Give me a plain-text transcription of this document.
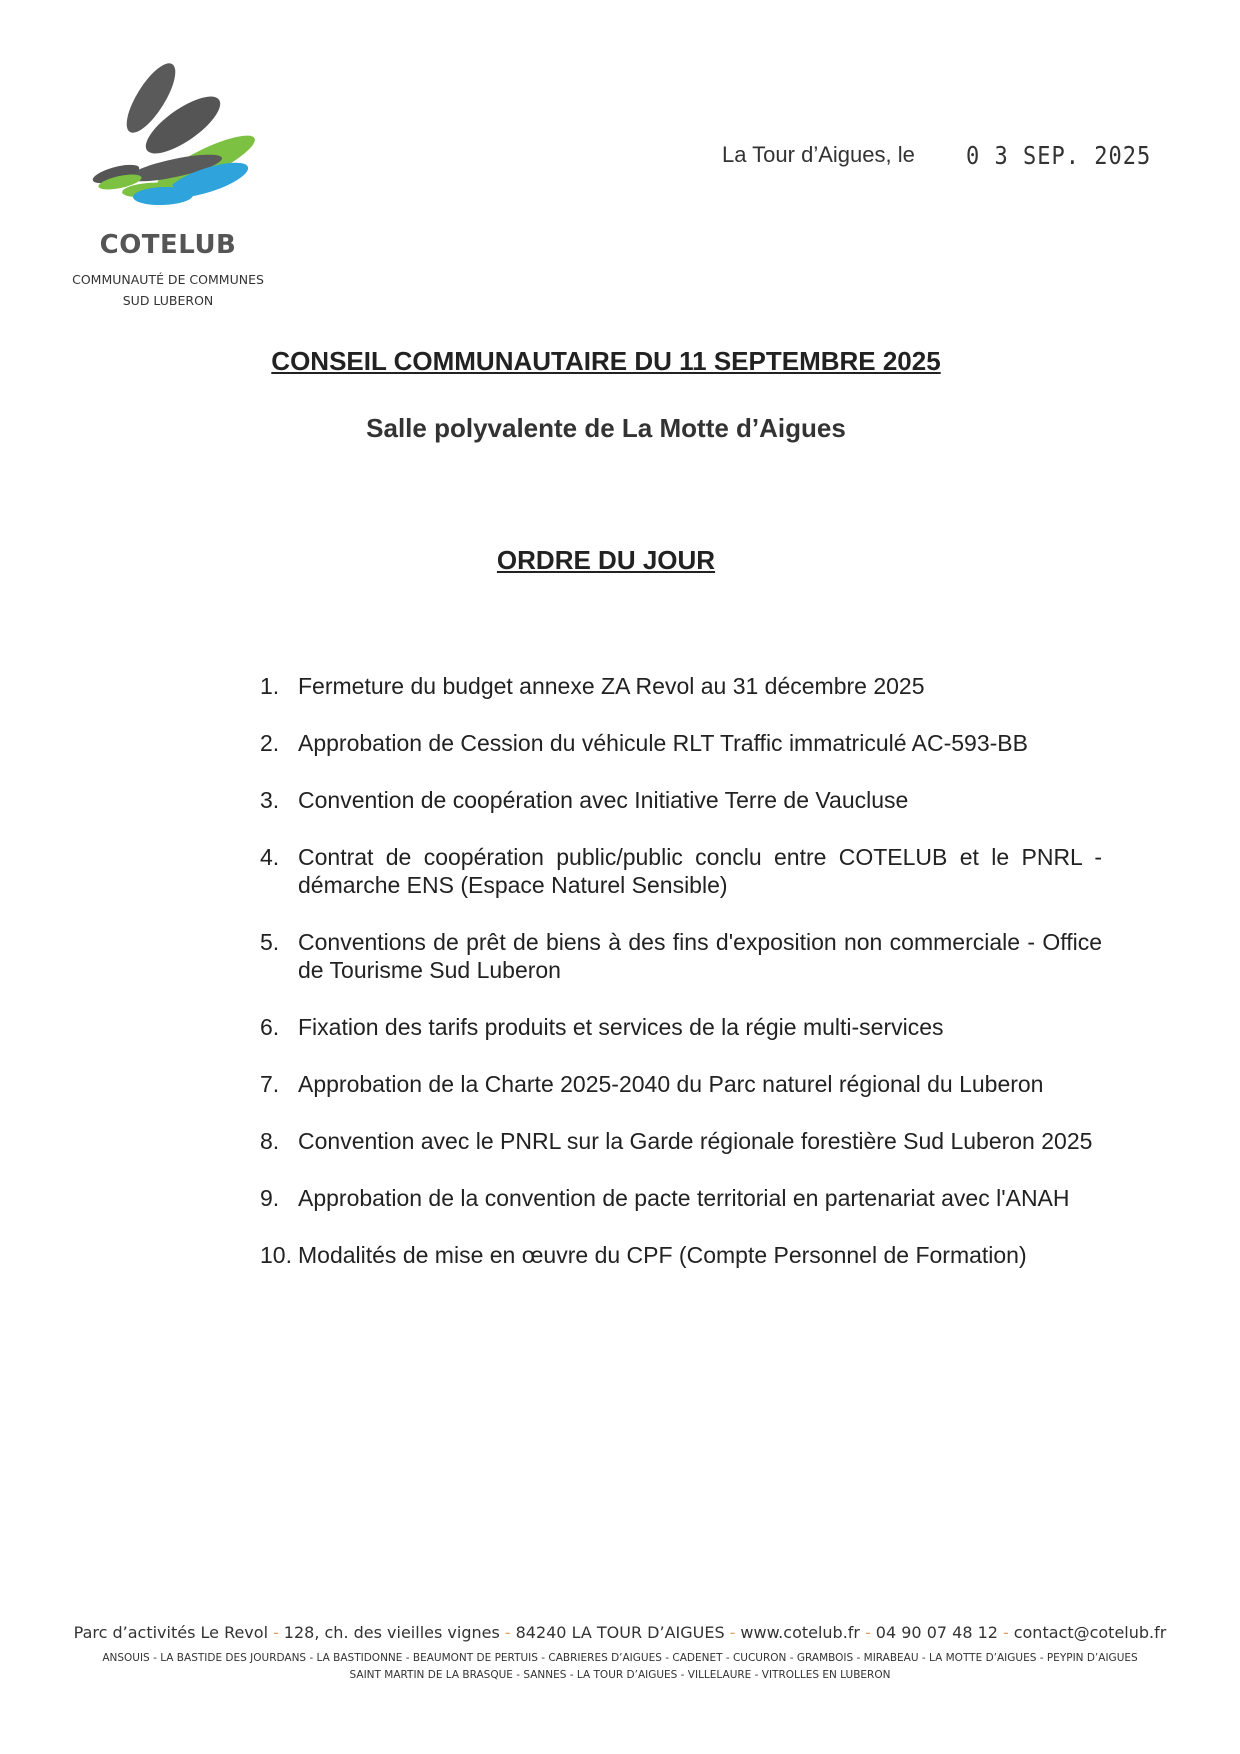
COTELUB
COMMUNAUTÉ DE COMMUNES
SUD LUBERON
La Tour d’Aigues, le 0 3 SEP. 2025
CONSEIL COMMUNAUTAIRE DU 11 SEPTEMBRE 2025
Salle polyvalente de La Motte d’Aigues
ORDRE DU JOUR
1. Fermeture du budget annexe ZA Revol au 31 décembre 2025
2. Approbation de Cession du véhicule RLT Traffic immatriculé AC-593-BB
3. Convention de coopération avec Initiative Terre de Vaucluse
4. Contrat de coopération public/public conclu entre COTELUB et le PNRL - démarche ENS (Espace Naturel Sensible)
5. Conventions de prêt de biens à des fins d'exposition non commerciale - Office de Tourisme Sud Luberon
6. Fixation des tarifs produits et services de la régie multi-services
7. Approbation de la Charte 2025-2040 du Parc naturel régional du Luberon
8. Convention avec le PNRL sur la Garde régionale forestière Sud Luberon 2025
9. Approbation de la convention de pacte territorial en partenariat avec l'ANAH
10. Modalités de mise en œuvre du CPF (Compte Personnel de Formation)
Parc d’activités Le Revol - 128, ch. des vieilles vignes - 84240 LA TOUR D’AIGUES - www.cotelub.fr - 04 90 07 48 12 - contact@cotelub.fr
ANSOUIS - LA BASTIDE DES JOURDANS - LA BASTIDONNE - BEAUMONT DE PERTUIS - CABRIERES D’AIGUES - CADENET - CUCURON - GRAMBOIS - MIRABEAU - LA MOTTE D’AIGUES - PEYPIN D’AIGUES
SAINT MARTIN DE LA BRASQUE - SANNES - LA TOUR D’AIGUES - VILLELAURE - VITROLLES EN LUBERON
